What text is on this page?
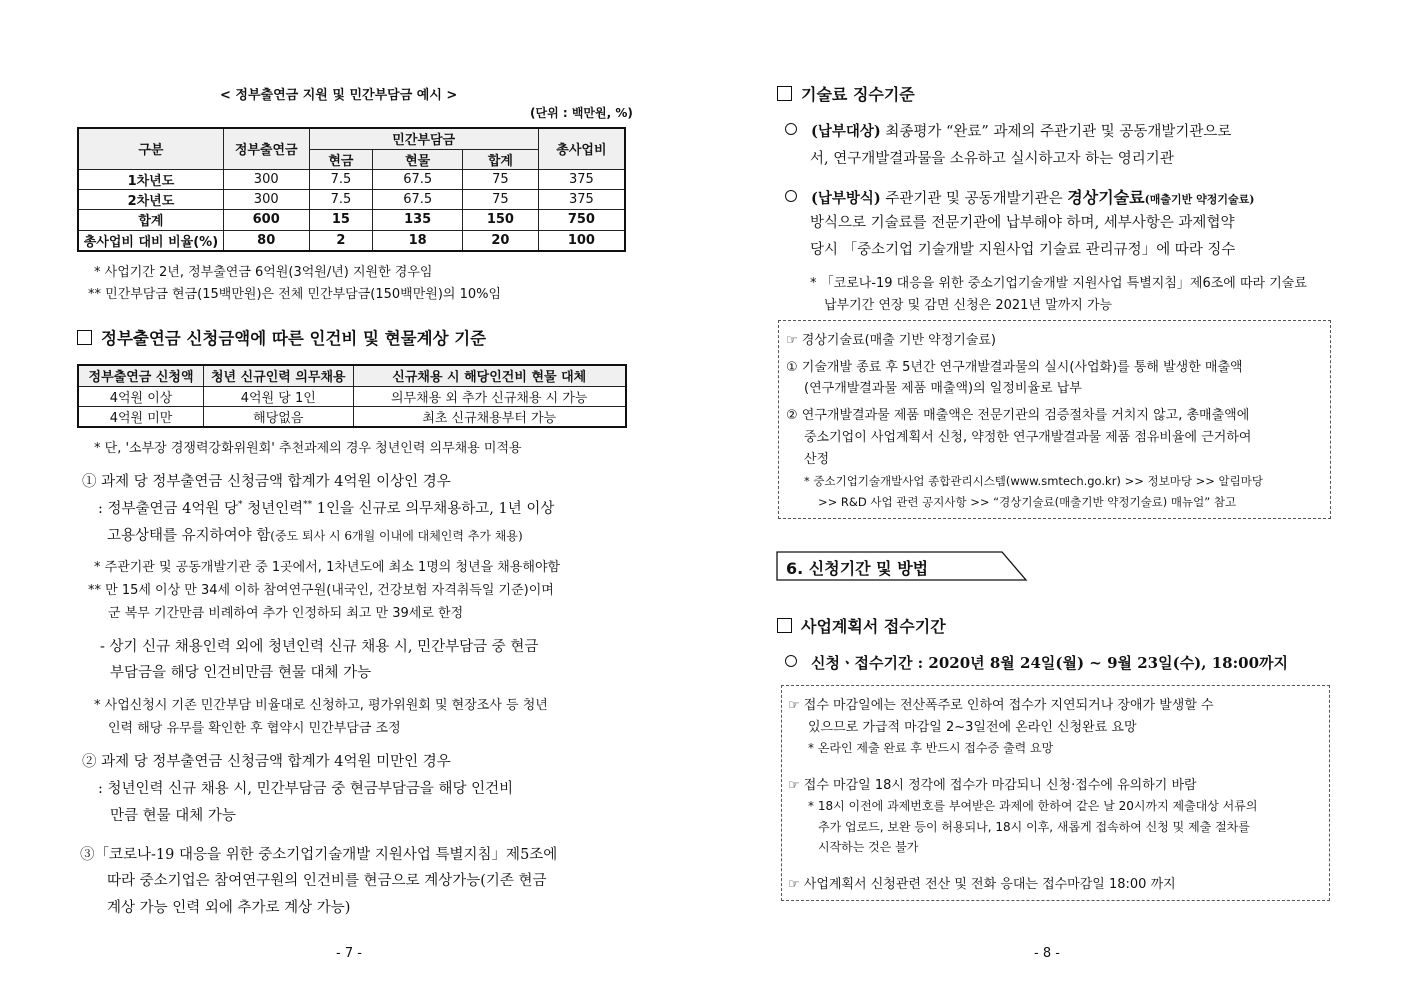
< 정부출연금 지원 및 민간부담금 예시 >
(단위 : 백만원, %)
구분	정부출연금	민간부담금			총사업비
		현금	현물	합계	
1차년도	300	7.5	67.5	75	375
2차년도	300	7.5	67.5	75	375
합계	600	15	135	150	750
총사업비 대비 비율(%)	80	2	18	20	100
* 사업기간 2년, 정부출연금 6억원(3억원/년) 지원한 경우임
** 민간부담금 현금(15백만원)은 전체 민간부담금(150백만원)의 10%임
정부출연금 신청금액에 따른 인건비 및 현물계상 기준
정부출연금 신청액	청년 신규인력 의무채용	신규채용 시 해당인건비 현물 대체
4억원 이상	4억원 당 1인	의무채용 외 추가 신규채용 시 가능
4억원 미만	해당없음	최초 신규채용부터 가능
* 단, '소부장 경쟁력강화위원회' 추천과제의 경우 청년인력 의무채용 미적용
① 과제 당 정부출연금 신청금액 합계가 4억원 이상인 경우
: 정부출연금 4억원 당* 청년인력** 1인을 신규로 의무채용하고, 1년 이상
고용상태를 유지하여야 함(중도 퇴사 시 6개월 이내에 대체인력 추가 채용)
* 주관기관 및 공동개발기관 중 1곳에서, 1차년도에 최소 1명의 청년을 채용해야함
** 만 15세 이상 만 34세 이하 참여연구원(내국인, 건강보험 자격취득일 기준)이며
군 복무 기간만큼 비례하여 추가 인정하되 최고 만 39세로 한정
- 상기 신규 채용인력 외에 청년인력 신규 채용 시, 민간부담금 중 현금
부담금을 해당 인건비만큼 현물 대체 가능
* 사업신청시 기존 민간부담 비율대로 신청하고, 평가위원회 및 현장조사 등 청년
인력 해당 유무를 확인한 후 협약시 민간부담금 조정
② 과제 당 정부출연금 신청금액 합계가 4억원 미만인 경우
: 청년인력 신규 채용 시, 민간부담금 중 현금부담금을 해당 인건비
만큼 현물 대체 가능
③「코로나-19 대응을 위한 중소기업기술개발 지원사업 특별지침」제5조에
따라 중소기업은 참여연구원의 인건비를 현금으로 계상가능(기존 현금
계상 가능 인력 외에 추가로 계상 가능)
- 7 -
기술료 징수기준
(납부대상) 최종평가 “완료” 과제의 주관기관 및 공동개발기관으로
서, 연구개발결과물을 소유하고 실시하고자 하는 영리기관
(납부방식) 주관기관 및 공동개발기관은 경상기술료(매출기반 약정기술료)
방식으로 기술료를 전문기관에 납부해야 하며, 세부사항은 과제협약
당시 「중소기업 기술개발 지원사업 기술료 관리규정」에 따라 징수
* 「코로나-19 대응을 위한 중소기업기술개발 지원사업 특별지침」제6조에 따라 기술료
납부기간 연장 및 감면 신청은 2021년 말까지 가능
☞ 경상기술료(매출 기반 약정기술료)
① 기술개발 종료 후 5년간 연구개발결과물의 실시(사업화)를 통해 발생한 매출액
(연구개발결과물 제품 매출액)의 일정비율로 납부
② 연구개발결과물 제품 매출액은 전문기관의 검증절차를 거치지 않고, 총매출액에
중소기업이 사업계획서 신청, 약정한 연구개발결과물 제품 점유비율에 근거하여
산정
* 중소기업기술개발사업 종합관리시스템(www.smtech.go.kr) >> 정보마당 >> 알림마당
>> R&D 사업 관련 공지사항 >> “경상기술료(매출기반 약정기술료) 매뉴얼” 참고
6. 신청기간 및 방법
사업계획서 접수기간
신청ㆍ접수기간 : 2020년 8월 24일(월) ~ 9월 23일(수), 18:00까지
☞ 접수 마감일에는 전산폭주로 인하여 접수가 지연되거나 장애가 발생할 수
있으므로 가급적 마감일 2~3일전에 온라인 신청완료 요망
* 온라인 제출 완료 후 반드시 접수증 출력 요망
☞ 접수 마감일 18시 정각에 접수가 마감되니 신청·접수에 유의하기 바람
* 18시 이전에 과제번호를 부여받은 과제에 한하여 같은 날 20시까지 제출대상 서류의
추가 업로드, 보완 등이 허용되나, 18시 이후, 새롭게 접속하여 신청 및 제출 절차를
시작하는 것은 불가
☞ 사업계획서 신청관련 전산 및 전화 응대는 접수마감일 18:00 까지
- 8 -
